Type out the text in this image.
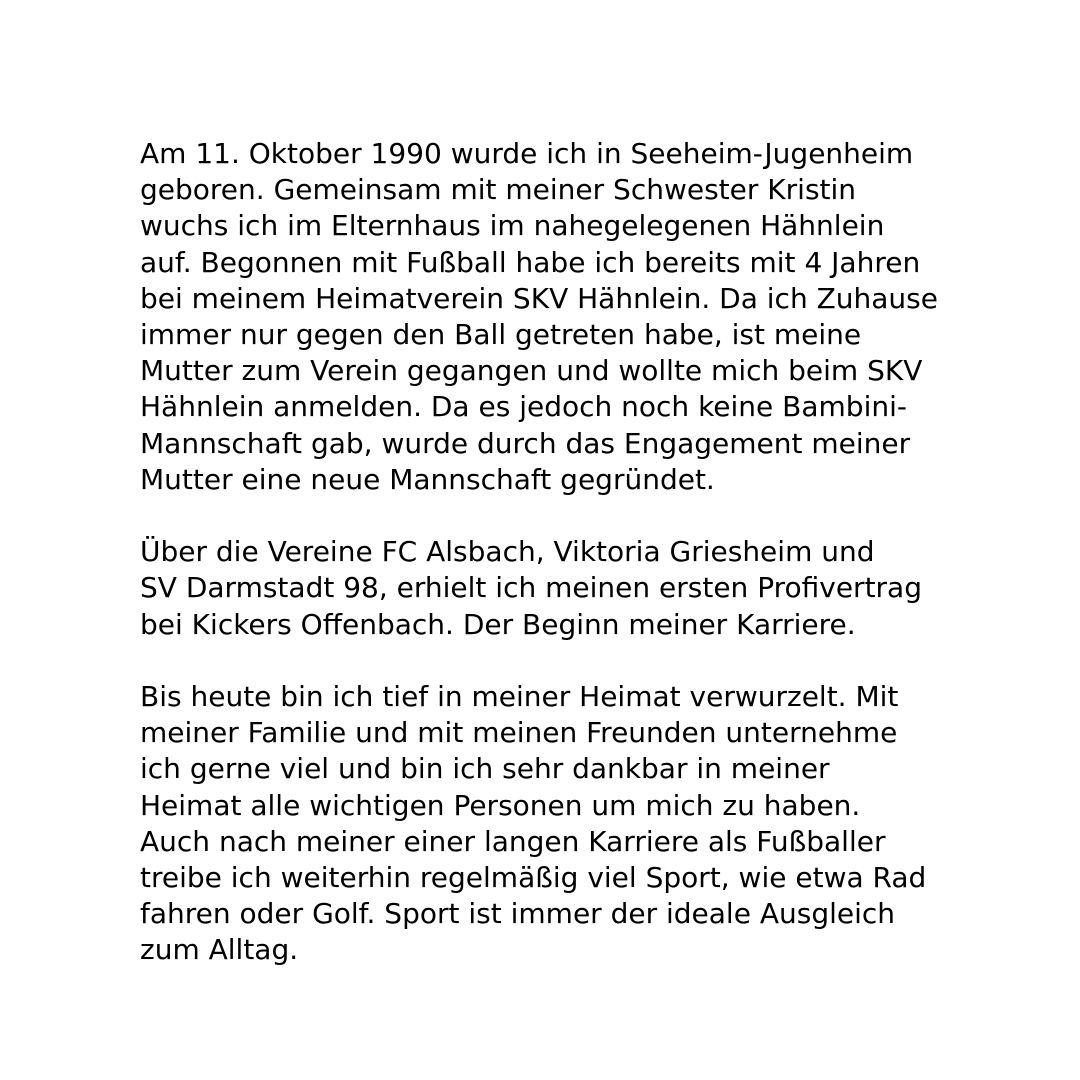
Am 11. Oktober 1990 wurde ich in Seeheim-Jugenheim
geboren. Gemeinsam mit meiner Schwester Kristin
wuchs ich im Elternhaus im nahegelegenen Hähnlein
auf. Begonnen mit Fußball habe ich bereits mit 4 Jahren
bei meinem Heimatverein SKV Hähnlein. Da ich Zuhause
immer nur gegen den Ball getreten habe, ist meine
Mutter zum Verein gegangen und wollte mich beim SKV
Hähnlein anmelden. Da es jedoch noch keine Bambini-
Mannschaft gab, wurde durch das Engagement meiner
Mutter eine neue Mannschaft gegründet.

Über die Vereine FC Alsbach, Viktoria Griesheim und
SV Darmstadt 98, erhielt ich meinen ersten Profivertrag
bei Kickers Offenbach. Der Beginn meiner Karriere.

Bis heute bin ich tief in meiner Heimat verwurzelt. Mit
meiner Familie und mit meinen Freunden unternehme
ich gerne viel und bin ich sehr dankbar in meiner
Heimat alle wichtigen Personen um mich zu haben.
Auch nach meiner einer langen Karriere als Fußballer
treibe ich weiterhin regelmäßig viel Sport, wie etwa Rad
fahren oder Golf. Sport ist immer der ideale Ausgleich
zum Alltag.
